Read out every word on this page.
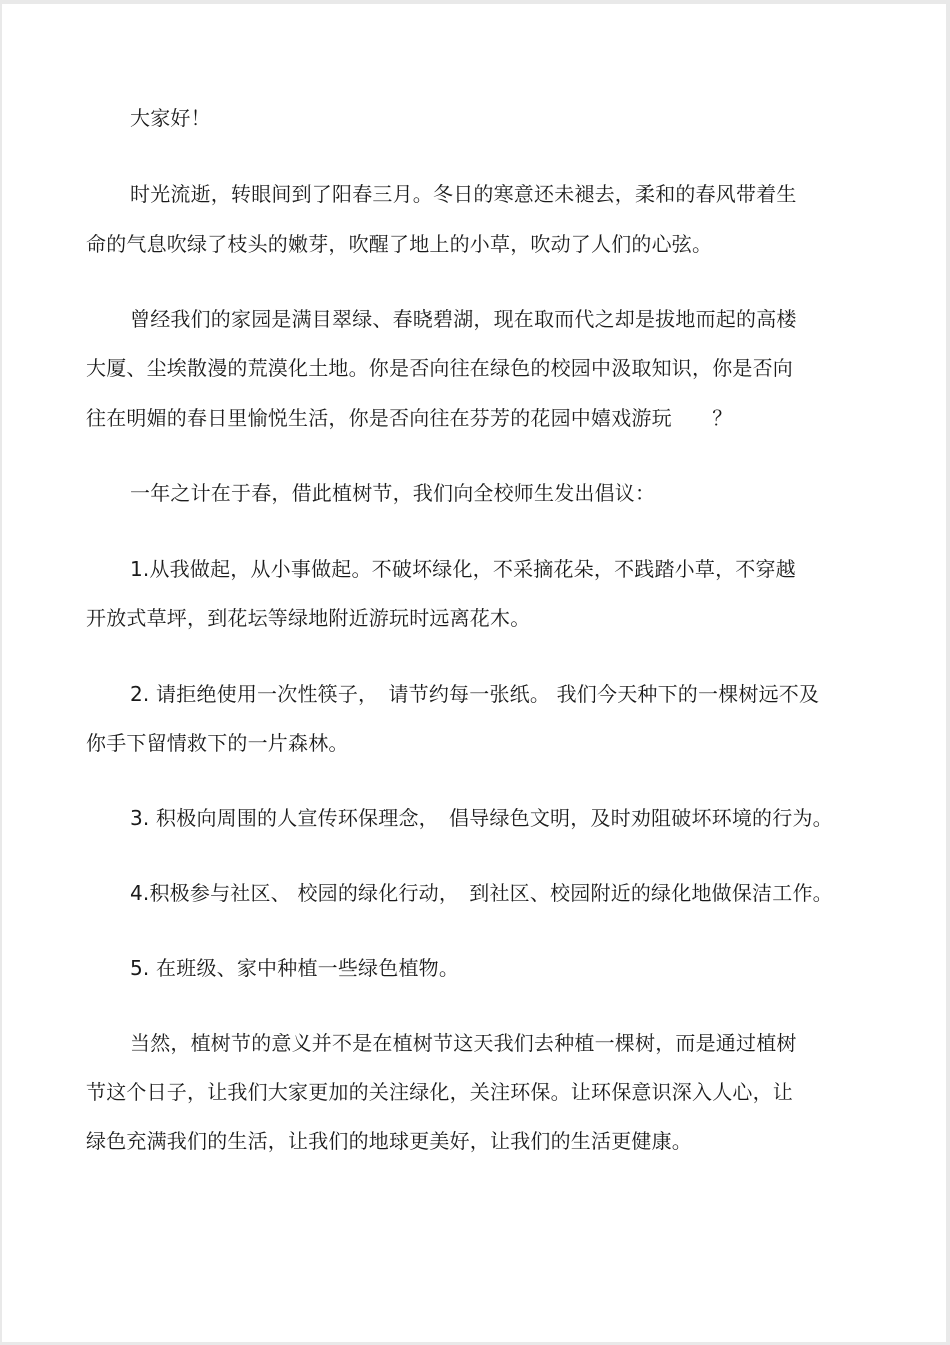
大家好！
时光流逝，转眼间到了阳春三月。冬日的寒意还未褪去，柔和的春风带着生
命的气息吹绿了枝头的嫩芽，吹醒了地上的小草，吹动了人们的心弦。
曾经我们的家园是满目翠绿、春晓碧湖，现在取而代之却是拔地而起的高楼
大厦、尘埃散漫的荒漠化土地。你是否向往在绿色的校园中汲取知识，你是否向
往在明媚的春日里愉悦生活，你是否向往在芬芳的花园中嬉戏游玩　　？
一年之计在于春，借此植树节，我们向全校师生发出倡议：
1.从我做起，从小事做起。不破坏绿化，不采摘花朵，不践踏小草，不穿越
开放式草坪，到花坛等绿地附近游玩时远离花木。
2. 请拒绝使用一次性筷子，　请节约每一张纸。 我们今天种下的一棵树远不及
你手下留情救下的一片森林。
3. 积极向周围的人宣传环保理念，　倡导绿色文明，及时劝阻破坏环境的行为。
4.积极参与社区、 校园的绿化行动，　到社区、校园附近的绿化地做保洁工作。
5. 在班级、家中种植一些绿色植物。
当然，植树节的意义并不是在植树节这天我们去种植一棵树，而是通过植树
节这个日子，让我们大家更加的关注绿化，关注环保。让环保意识深入人心，让
绿色充满我们的生活，让我们的地球更美好，让我们的生活更健康。
